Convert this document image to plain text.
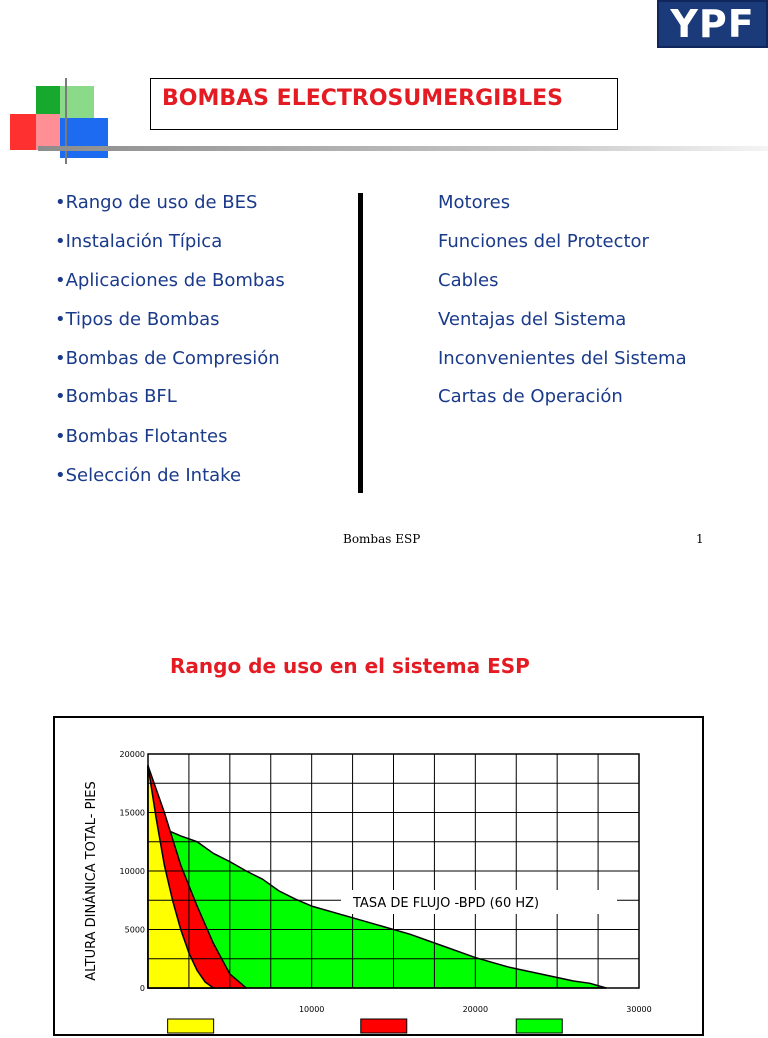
YPF
BOMBAS ELECTROSUMERGIBLES
•Rango de uso de BES
•Instalación Típica
•Aplicaciones de Bombas
•Tipos de Bombas
•Bombas de Compresión
•Bombas BFL
•Bombas Flotantes
•Selección de Intake
Motores
Funciones del Protector
Cables
Ventajas del Sistema
Inconvenientes del Sistema
Cartas de Operación
Bombas ESP	1
Rango de uso en el sistema ESP
0
5000
10000
15000
20000
10000	20000	30000
TASA DE FLUJO -BPD (60 HZ)
ALTURA DINÁNICA TOTAL- PIES
